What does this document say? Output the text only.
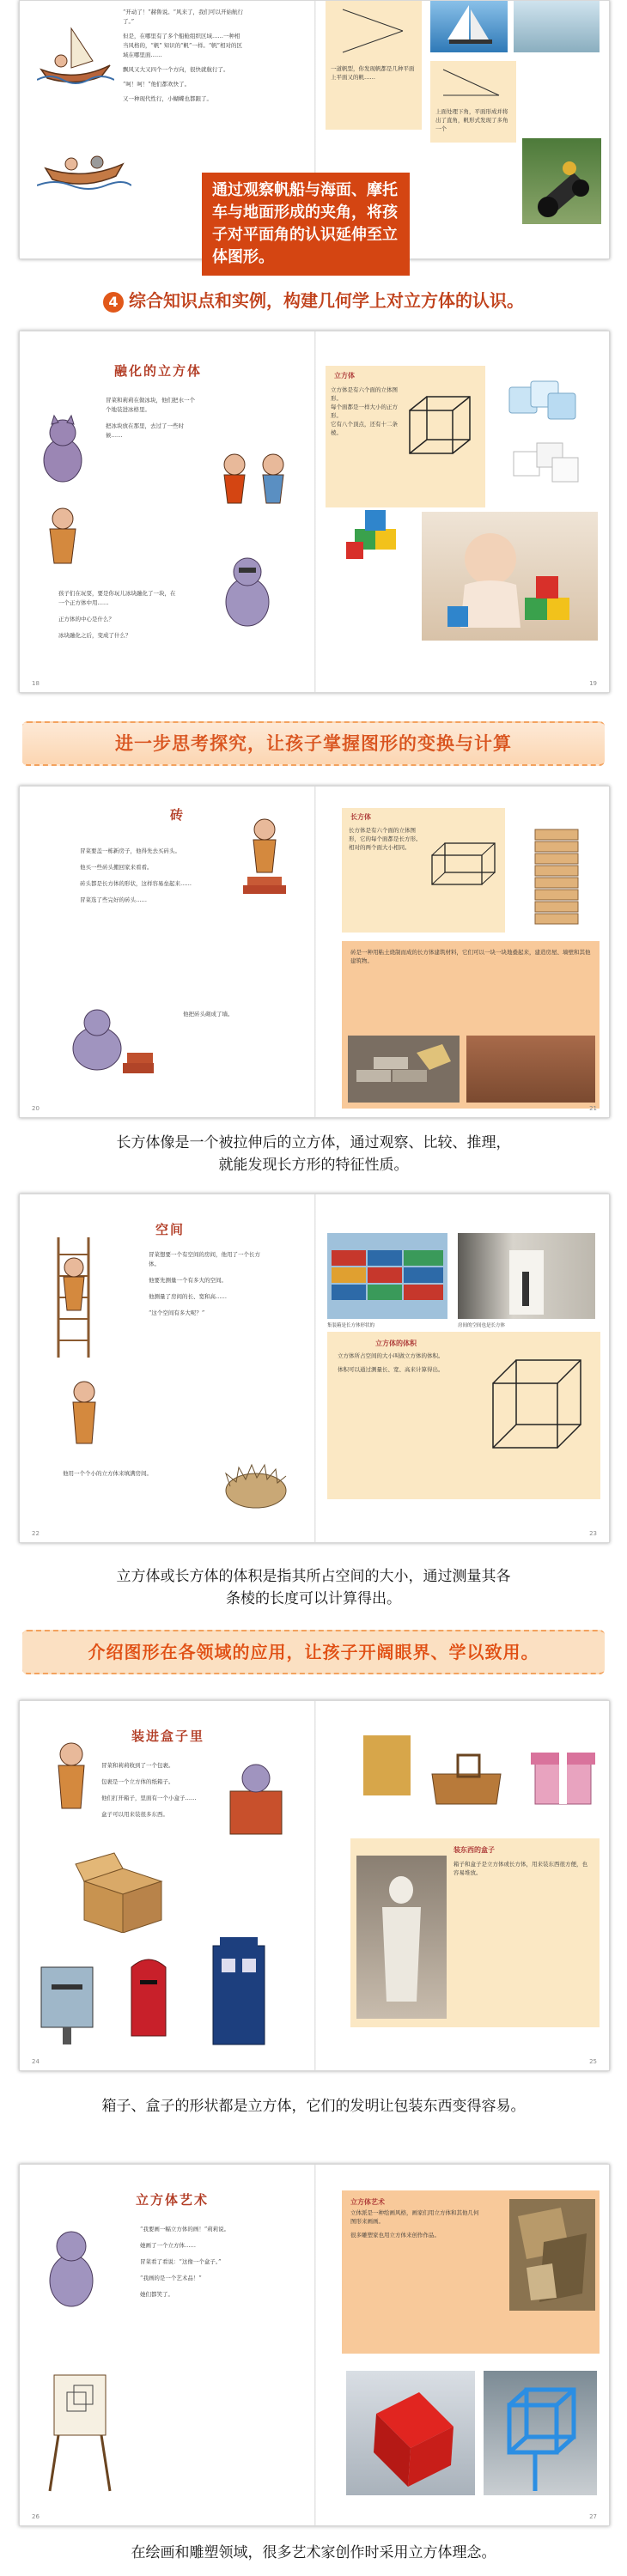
“开动了！”赫鲁说。“风来了，我们可以开始航行了。”

但是，在哪里有了多个船舱组织区域……一种相当风格的，“帆” 知识的“帆”一样。“帆”相对的区域在哪里面……

飘风又大又四个一个方向，很快就航行了。

“呵！呵！”他们都欢快了。

又一种现代性行，小蝴蝶也都跟了。

一道帆型，你发现帆都是几种平面上平面又的帆……
上面处理下角，平面形成并将出了直角，帆形式发现了多角一个
通过观察帆船与海面、摩托车与地面形成的夹角，将孩子对平面角的认识延伸至立体图形。
4 综合知识点和实例，构建几何学上对立方体的认识。
融化的立方体

冒菜和莉莉在做冰块，他们把水一个个地装进冰格里。

把冰块放在那里，去过了一些时候……

孩子们在玩耍，要是你玩儿冰块融化了一块，在一个正方体中用……

正方体的中心是什么？

冰块融化之后，变成了什么？

18
立方体
立方体是有六个面的立体图形。
每个面都是一样大小的正方形。
它有八个顶点，还有十二条棱。
19
进一步思考探究，让孩子掌握图形的变换与计算
砖

冒菜要盖一栋新房子，他得先去买砖头。

他买一些砖头搬回家来看看。

砖头都是长方体的形状，这样容易垒起来……

冒菜选了些完好的砖头……

他把砖头砌成了墙。

20
长方体
长方体是有六个面的立体图形，它的每个面都是长方形。
相对的两个面大小相同。
砖是一种用粘土烧制而成的长方体建筑材料，它们可以一块一块地叠起来，建造房屋、墙壁和其他建筑物。
21
长方体像是一个被拉伸后的立方体，通过观察、比较、推理，
就能发现长方形的特征性质。
空间

冒菜想要一个有空间的房间，他用了一个长方体。

他要先测量一个有多大的空间。

他测量了房间的长、宽和高……

“这个空间有多大呢？”

他用一个个小的立方体来填满房间。

22
集装箱是长方体形状的	房间的空间也是长方体
立方体的体积
立方体所占空间的大小叫做立方体的体积。
体积可以通过测量长、宽、高来计算得出。
23
立方体或长方体的体积是指其所占空间的大小，通过测量其各
条棱的长度可以计算得出。
介绍图形在各领域的应用，让孩子开阔眼界、学以致用。
装进盒子里

冒菜和莉莉收到了一个包裹。

包裹是一个立方体的纸箱子。

他们打开箱子，里面有一个小盒子……

盒子可以用来装很多东西。

24
装东西的盒子
箱子和盒子是立方体或长方体，用来装东西很方便，也容易堆放。
25
箱子、盒子的形状都是立方体，它们的发明让包装东西变得容易。
立方体艺术

“我要画一幅立方体的画！”莉莉说。

她画了一个立方体……

冒菜看了看说：“这像一个盒子。”

“我画的是一个艺术品！”

她们都笑了。

26
立方体艺术
立体派是一种绘画风格，画家们用立方体和其他几何图形来画画。
很多雕塑家也用立方体来创作作品。
27
在绘画和雕塑领域，很多艺术家创作时采用立方体理念。
